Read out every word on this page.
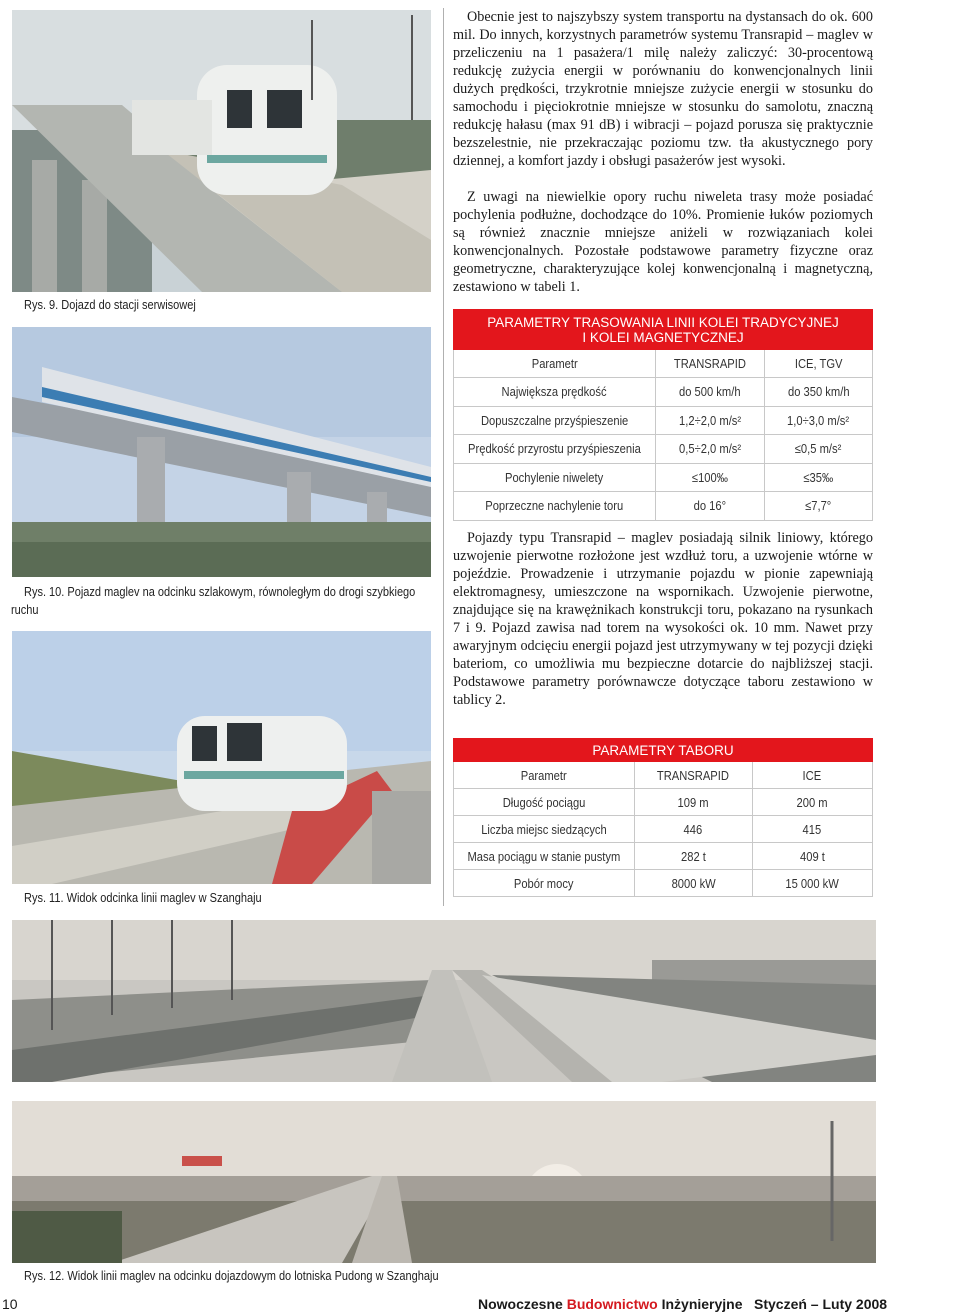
Rys. 9. Dojazd do stacji serwisowej
Rys. 10. Pojazd maglev na odcinku szlakowym, równoległym do drogi szybkiego
ruchu
Rys. 11. Widok odcinka linii maglev w Szanghaju

Obecnie jest to najszybszy system transportu na dystansach do ok. 600 mil. Do innych, korzystnych parametrów systemu Transrapid – maglev w przeliczeniu na 1 pasażera/1 milę należy zaliczyć: 30-procentową redukcję zużycia energii w porównaniu do konwencjonalnych linii dużych prędkości, trzykrotnie mniejsze zużycie energii w stosunku do samochodu i pięciokrotnie mniejsze w stosunku do samolotu, znaczną redukcję hałasu (max 91 dB) i wibracji – pojazd porusza się praktycznie bezszelestnie, nie przekraczając poziomu tzw. tła akustycznego pory dziennej, a komfort jazdy i obsługi pasażerów jest wysoki.

Z uwagi na niewielkie opory ruchu niweleta trasy może posiadać pochylenia podłużne, dochodzące do 10%. Promienie łuków poziomych są również znacznie mniejsze aniżeli w rozwiązaniach kolei konwencjonalnych. Pozostałe podstawowe parametry fizyczne oraz geometryczne, charakteryzujące kolej konwencjonalną i magnetyczną, zestawiono w tabeli 1.

PARAMETRY TRASOWANIA LINII KOLEI TRADYCYJNEJ
I KOLEI MAGNETYCZNEJ		
Parametr	TRANSRAPID	ICE, TGV
Największa prędkość	do 500 km/h	do 350 km/h
Dopuszczalne przyśpieszenie	1,2÷2,0 m/s²	1,0÷3,0 m/s²
Prędkość przyrostu przyśpieszenia	0,5÷2,0 m/s²	≤0,5 m/s²
Pochylenie niwelety	≤100‰	≤35‰
Poprzeczne nachylenie toru	do 16°	≤7,7°

Pojazdy typu Transrapid – maglev posiadają silnik liniowy, którego uzwojenie pierwotne rozłożone jest wzdłuż toru, a uzwojenie wtórne w pojeździe. Prowadzenie i utrzymanie pojazdu w pionie zapewniają elektromagnesy, umieszczone na wspornikach. Uzwojenie pierwotne, znajdujące się na krawężnikach konstrukcji toru, pokazano na rysunkach 7 i 9. Pojazd zawisa nad torem na wysokości ok. 10 mm. Nawet przy awaryjnym odcięciu energii pojazd jest utrzymywany w tej pozycji dzięki bateriom, co umożliwia mu bezpieczne dotarcie do najbliższej stacji. Podstawowe parametry porównawcze dotyczące taboru zestawiono w tablicy 2.

PARAMETRY TABORU		
Parametr	TRANSRAPID	ICE
Długość pociągu	109 m	200 m
Liczba miejsc siedzących	446	415
Masa pociągu w stanie pustym	282 t	409 t
Pobór mocy	8000 kW	15 000 kW
Rys. 12. Widok linii maglev na odcinku dojazdowym do lotniska Pudong w Szanghaju
10	Nowoczesne Budownictwo Inżynieryjne Styczeń – Luty 2008
